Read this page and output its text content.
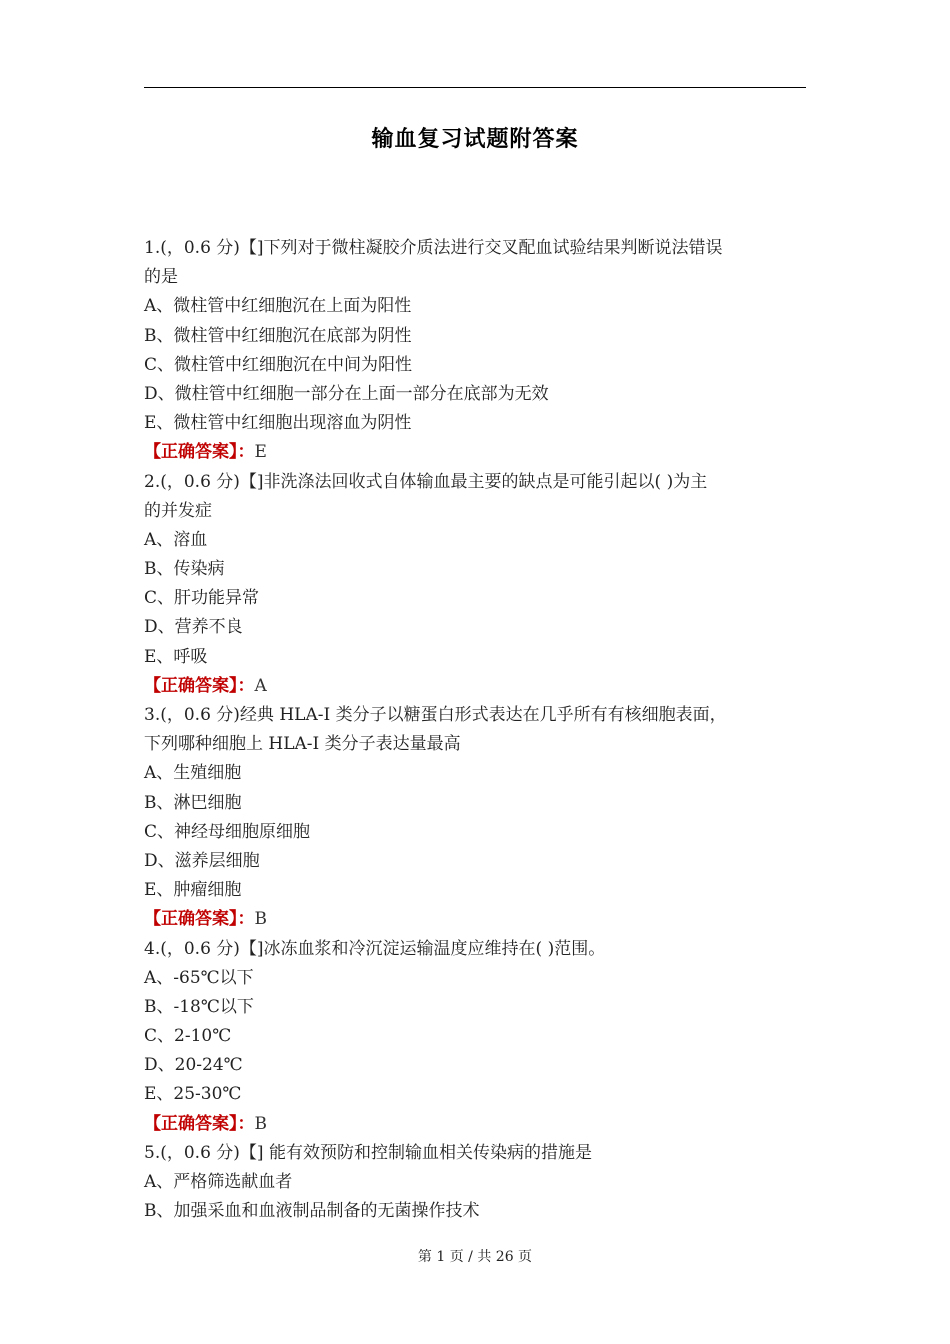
输血复习试题附答案
1.(，0.6 分)【]下列对于微柱凝胶介质法进行交叉配血试验结果判断说法错误
的是
A、微柱管中红细胞沉在上面为阳性
B、微柱管中红细胞沉在底部为阴性
C、微柱管中红细胞沉在中间为阳性
D、微柱管中红细胞一部分在上面一部分在底部为无效
E、微柱管中红细胞出现溶血为阴性
【正确答案】：E
2.(，0.6 分)【]非洗涤法回收式自体输血最主要的缺点是可能引起以( )为主
的并发症
A、溶血
B、传染病
C、肝功能异常
D、营养不良
E、呼吸
【正确答案】：A
3.(，0.6 分)经典 HLA-I 类分子以糖蛋白形式表达在几乎所有有核细胞表面，
下列哪种细胞上 HLA-I 类分子表达量最高
A、生殖细胞
B、淋巴细胞
C、神经母细胞原细胞
D、滋养层细胞
E、肿瘤细胞
【正确答案】：B
4.(，0.6 分)【]冰冻血浆和冷沉淀运输温度应维持在( )范围。
A、-65℃以下
B、-18℃以下
C、2-10℃
D、20-24℃
E、25-30℃
【正确答案】：B
5.(，0.6 分)【] 能有效预防和控制输血相关传染病的措施是
A、严格筛选献血者
B、加强采血和血液制品制备的无菌操作技术
第 1 页 / 共 26 页
